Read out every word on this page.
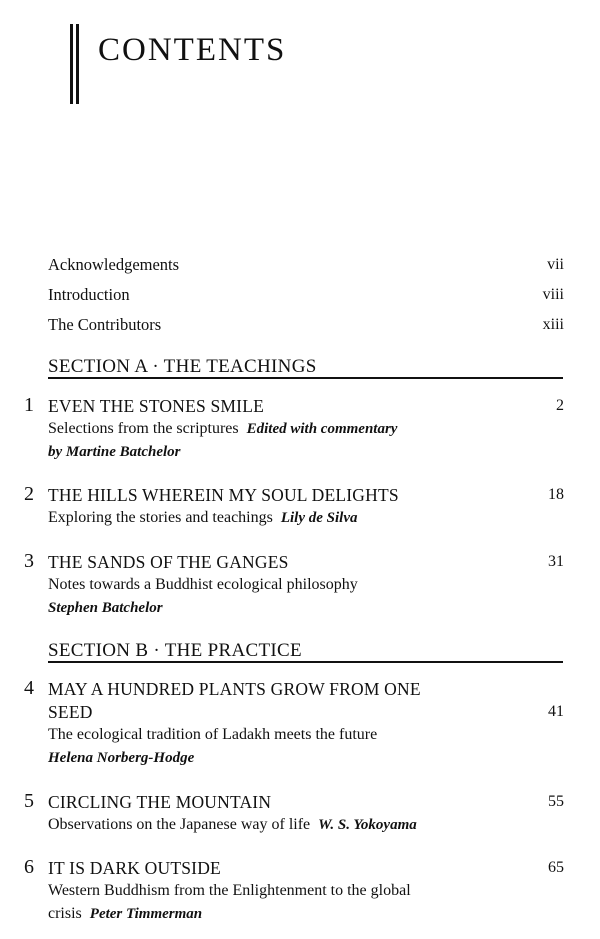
CONTENTS
Acknowledgements	vii
Introduction	viii
The Contributors	xiii
SECTION A · THE TEACHINGS
1 EVEN THE STONES SMILE	2
Selections from the scriptures Edited with commentary
by Martine Batchelor
2 THE HILLS WHEREIN MY SOUL DELIGHTS	18
Exploring the stories and teachings Lily de Silva
3 THE SANDS OF THE GANGES	31
Notes towards a Buddhist ecological philosophy
Stephen Batchelor
SECTION B · THE PRACTICE
4 MAY A HUNDRED PLANTS GROW FROM ONE
SEED	41
The ecological tradition of Ladakh meets the future
Helena Norberg-Hodge
5 CIRCLING THE MOUNTAIN	55
Observations on the Japanese way of life W. S. Yokoyama
6 IT IS DARK OUTSIDE	65
Western Buddhism from the Enlightenment to the global
crisis Peter Timmerman
